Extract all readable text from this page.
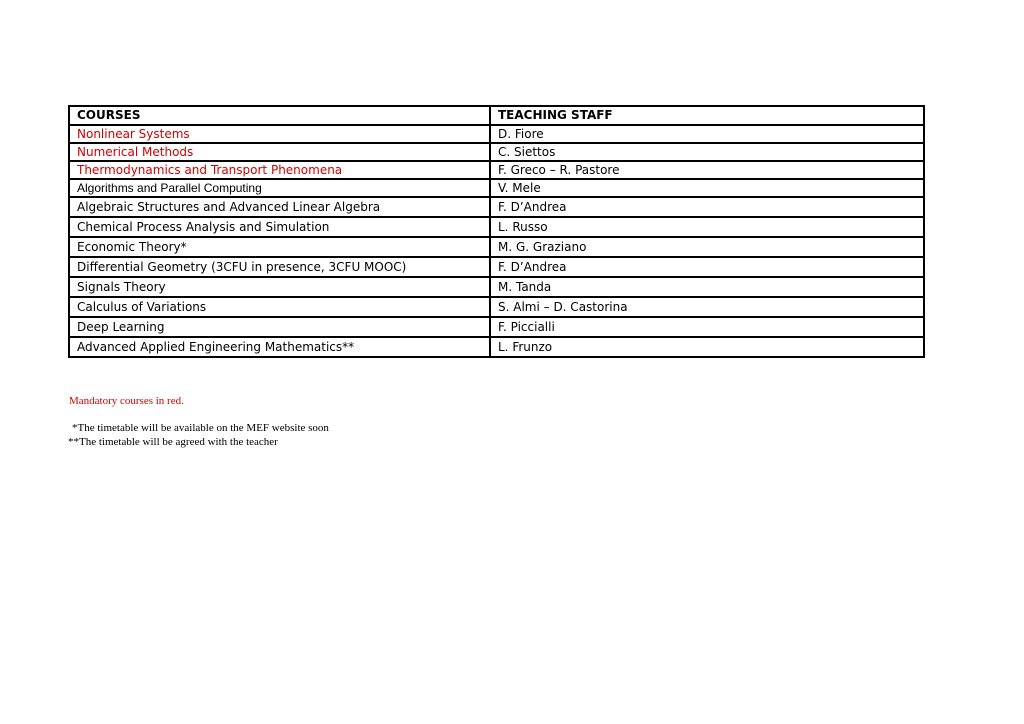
COURSES	TEACHING STAFF
Nonlinear Systems	D. Fiore
Numerical Methods	C. Siettos
Thermodynamics and Transport Phenomena	F. Greco – R. Pastore
Algorithms and Parallel Computing	V. Mele
Algebraic Structures and Advanced Linear Algebra	F. D’Andrea
Chemical Process Analysis and Simulation	L. Russo
Economic Theory*	M. G. Graziano
Differential Geometry (3CFU in presence, 3CFU MOOC)	F. D’Andrea
Signals Theory	M. Tanda
Calculus of Variations	S. Almi – D. Castorina
Deep Learning	F. Piccialli
Advanced Applied Engineering Mathematics**	L. Frunzo

Mandatory courses in red.

*The timetable will be available on the MEF website soon

**The timetable will be agreed with the teacher
